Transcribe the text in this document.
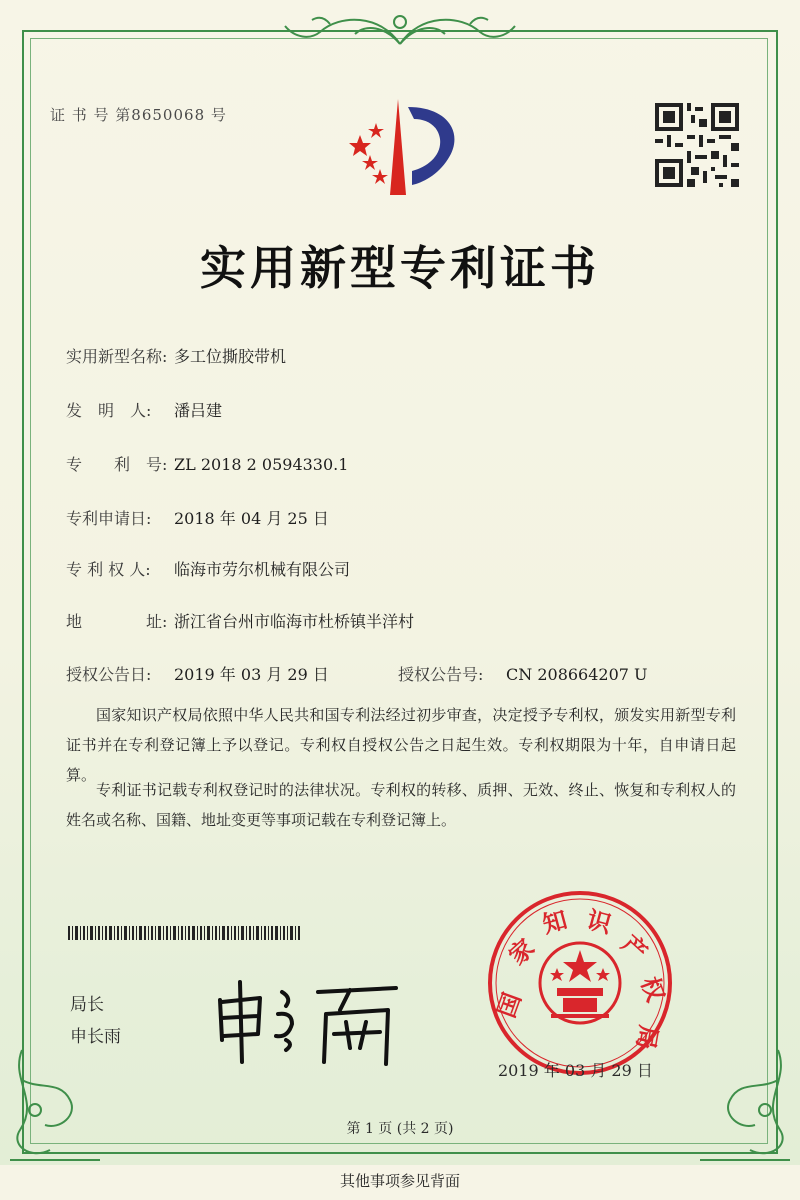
证 书 号 第8650068 号
实用新型专利证书
实用新型名称: 多工位撕胶带机
发　明　人: 潘吕建
专　　利　号: ZL 2018 2 0594330.1
专利申请日: 2018 年 04 月 25 日
专 利 权 人: 临海市劳尔机械有限公司
地　　　　址: 浙江省台州市临海市杜桥镇半洋村
授权公告日: 2019 年 03 月 29 日	授权公告号: CN 208664207 U
国家知识产权局依照中华人民共和国专利法经过初步审查，决定授予专利权，颁发实用新型专利证书并在专利登记簿上予以登记。专利权自授权公告之日起生效。专利权期限为十年，自申请日起算。
专利证书记载专利权登记时的法律状况。专利权的转移、质押、无效、终止、恢复和专利权人的姓名或名称、国籍、地址变更等事项记载在专利登记簿上。
局长
申长雨
国
家
知 识
产
权
局
2019 年 03 月 29 日
第 1 页 (共 2 页)
其他事项参见背面
